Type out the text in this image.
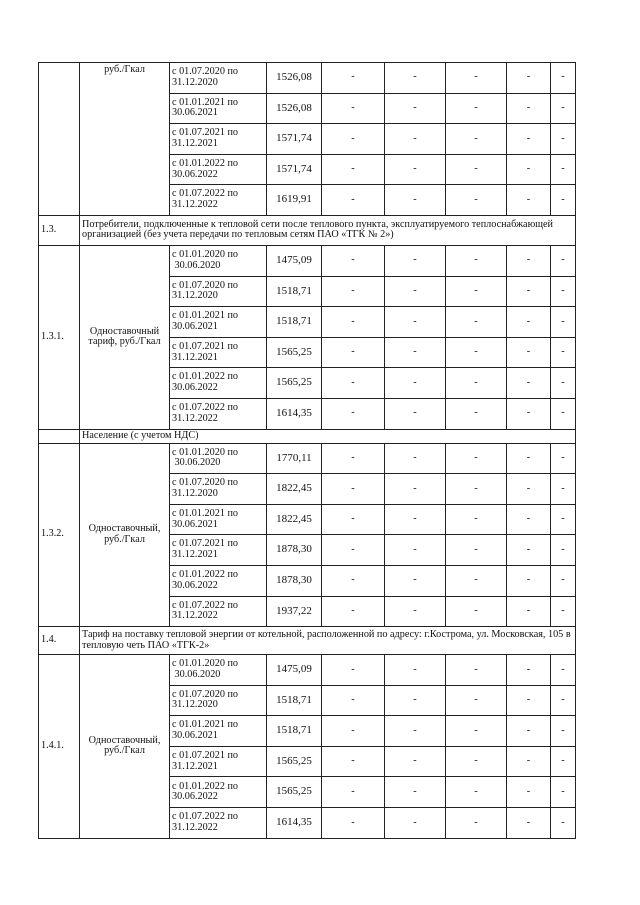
	руб./Гкал	с 01.07.2020 по
31.12.2020	1526,08	-	-	-	-	-
		с 01.01.2021 по
30.06.2021	1526,08	-	-	-	-	-
		с 01.07.2021 по
31.12.2021	1571,74	-	-	-	-	-
		с 01.01.2022 по
30.06.2022	1571,74	-	-	-	-	-
		с 01.07.2022 по
31.12.2022	1619,91	-	-	-	-	-
1.3.	Потребители, подключенные к тепловой сети после теплового пункта, эксплуатируемого теплоснабжающей организацией (без учета передачи по тепловым сетям ПАО «ТГК № 2»)							
1.3.1.	Одноставочный тариф, руб./Гкал	с 01.01.2020 по
30.06.2020	1475,09	-	-	-	-	-
		с 01.07.2020 по
31.12.2020	1518,71	-	-	-	-	-
		с 01.01.2021 по
30.06.2021	1518,71	-	-	-	-	-
		с 01.07.2021 по
31.12.2021	1565,25	-	-	-	-	-
		с 01.01.2022 по
30.06.2022	1565,25	-	-	-	-	-
		с 01.07.2022 по
31.12.2022	1614,35	-	-	-	-	-
	Население (с учетом НДС)							
1.3.2.	Одноставочный, руб./Гкал	с 01.01.2020 по
30.06.2020	1770,11	-	-	-	-	-
		с 01.07.2020 по
31.12.2020	1822,45	-	-	-	-	-
		с 01.01.2021 по
30.06.2021	1822,45	-	-	-	-	-
		с 01.07.2021 по
31.12.2021	1878,30	-	-	-	-	-
		с 01.01.2022 по
30.06.2022	1878,30	-	-	-	-	-
		с 01.07.2022 по
31.12.2022	1937,22	-	-	-	-	-
1.4.	Тариф на поставку тепловой энергии от котельной, расположенной по адресу: г.Кострома, ул. Московская, 105 в тепловую четь ПАО «ТГК-2»							
1.4.1.	Одноставочный, руб./Гкал	с 01.01.2020 по
30.06.2020	1475,09	-	-	-	-	-
		с 01.07.2020 по
31.12.2020	1518,71	-	-	-	-	-
		с 01.01.2021 по
30.06.2021	1518,71	-	-	-	-	-
		с 01.07.2021 по
31.12.2021	1565,25	-	-	-	-	-
		с 01.01.2022 по
30.06.2022	1565,25	-	-	-	-	-
		с 01.07.2022 по
31.12.2022	1614,35	-	-	-	-	-
